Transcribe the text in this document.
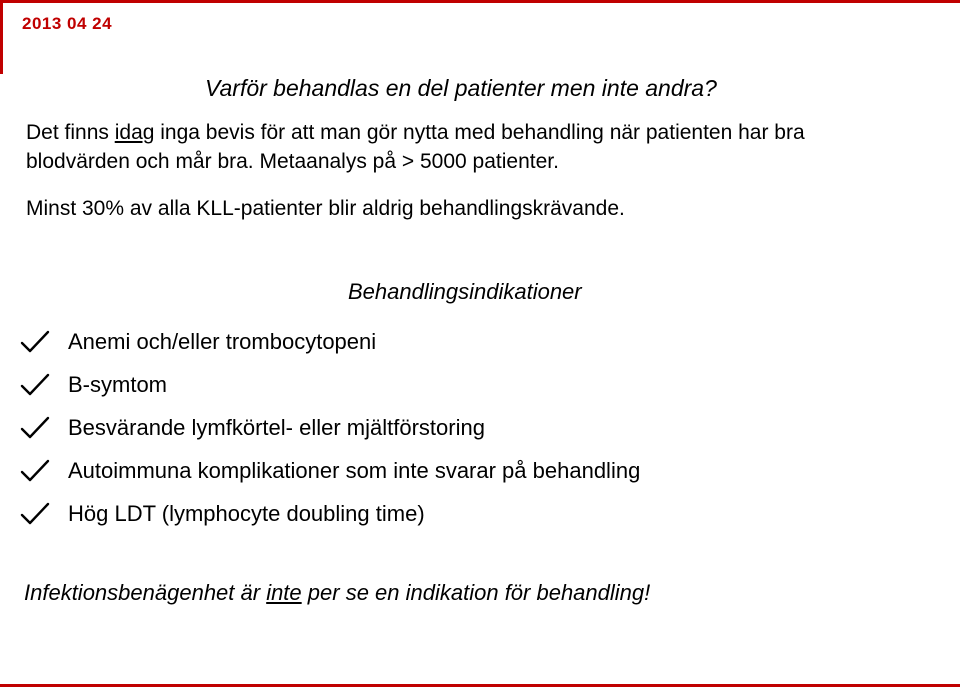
2013 04 24
Varför behandlas en del patienter men inte andra?
Det finns idag inga bevis för att man gör nytta med behandling när patienten har bra
blodvärden och mår bra. Metaanalys på > 5000 patienter.
Minst 30% av alla KLL-patienter blir aldrig behandlingskrävande.
Behandlingsindikationer
Anemi och/eller trombocytopeni
B-symtom
Besvärande lymfkörtel- eller mjältförstoring
Autoimmuna komplikationer som inte svarar på behandling
Hög LDT (lymphocyte doubling time)
Infektionsbenägenhet är inte per se en indikation för behandling!
